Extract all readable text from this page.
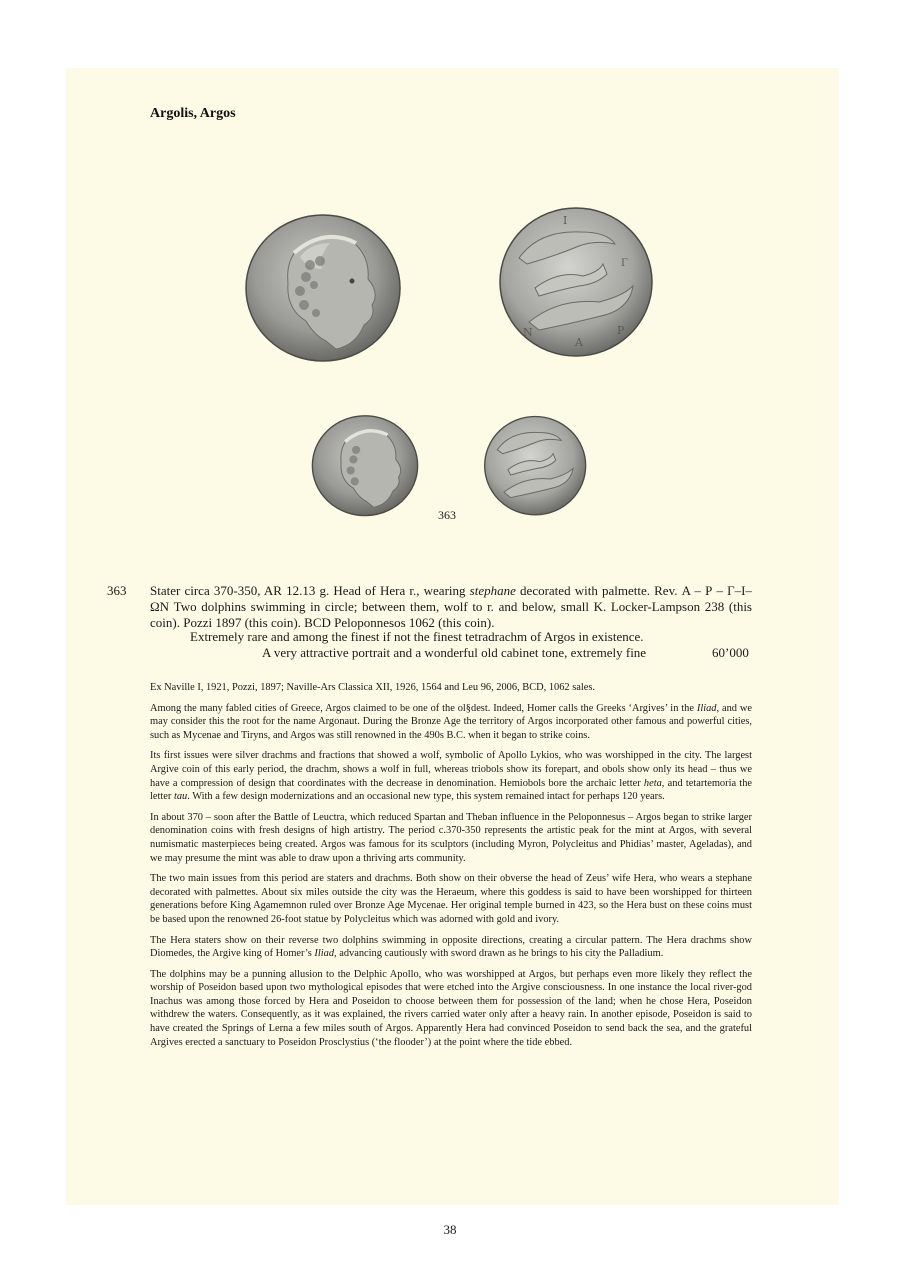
Argolis, Argos
Ι
Γ
Ρ
Α
Ν
363
363 Stater circa 370-350, AR 12.13 g. Head of Hera r., wearing stephane decorated with palmette. Rev. Α – Ρ – Γ–Ι– ΩΝ Two dolphins swimming in circle; between them, wolf to r. and below, small Κ. Locker-Lampson 238 (this coin). Pozzi 1897 (this coin). BCD Peloponnesos 1062 (this coin).

Extremely rare and among the finest if not the finest tetradrachm of Argos in existence.
A very attractive portrait and a wonderful old cabinet tone, extremely fine	60’000

Ex Naville I, 1921, Pozzi, 1897; Naville-Ars Classica XII, 1926, 1564 and Leu 96, 2006, BCD, 1062 sales.

Among the many fabled cities of Greece, Argos claimed to be one of the ol§dest. Indeed, Homer calls the Greeks ‘Argives’ in the Iliad, and we may consider this the root for the name Argonaut. During the Bronze Age the territory of Argos incorporated other famous and powerful cities, such as Mycenae and Tiryns, and Argos was still renowned in the 490s B.C. when it began to strike coins.

Its first issues were silver drachms and fractions that showed a wolf, symbolic of Apollo Lykios, who was worshipped in the city. The largest Argive coin of this early period, the drachm, shows a wolf in full, whereas triobols show its forepart, and obols show only its head – thus we have a compression of design that coordinates with the decrease in denomination. Hemiobols bore the archaic letter heta, and tetartemoria the letter tau. With a few design modernizations and an occasional new type, this system remained intact for perhaps 120 years.

In about 370 – soon after the Battle of Leuctra, which reduced Spartan and Theban influence in the Peloponnesus – Argos began to strike larger denomination coins with fresh designs of high artistry. The period c.370-350 represents the artistic peak for the mint at Argos, with several numismatic masterpieces being created. Argos was famous for its sculptors (including Myron, Polycleitus and Phidias’ master, Ageladas), and we may presume the mint was able to draw upon a thriving arts community.

The two main issues from this period are staters and drachms. Both show on their obverse the head of Zeus’ wife Hera, who wears a stephane decorated with palmettes. About six miles outside the city was the Heraeum, where this goddess is said to have been worshipped for thirteen generations before King Agamemnon ruled over Bronze Age Mycenae. Her original temple burned in 423, so the Hera bust on these coins must be based upon the renowned 26-foot statue by Polycleitus which was adorned with gold and ivory.

The Hera staters show on their reverse two dolphins swimming in opposite directions, creating a circular pattern. The Hera drachms show Diomedes, the Argive king of Homer’s Iliad, advancing cautiously with sword drawn as he brings to his city the Palladium.

The dolphins may be a punning allusion to the Delphic Apollo, who was worshipped at Argos, but perhaps even more likely they reflect the worship of Poseidon based upon two mythological episodes that were etched into the Argive consciousness. In one instance the local river-god Inachus was among those forced by Hera and Poseidon to choose between them for possession of the land; when he chose Hera, Poseidon withdrew the waters. Consequently, as it was explained, the rivers carried water only after a heavy rain. In another episode, Poseidon is said to have created the Springs of Lerna a few miles south of Argos. Apparently Hera had convinced Poseidon to send back the sea, and the grateful Argives erected a sanctuary to Poseidon Prosclystius (‘the flooder’) at the point where the tide ebbed.

38
